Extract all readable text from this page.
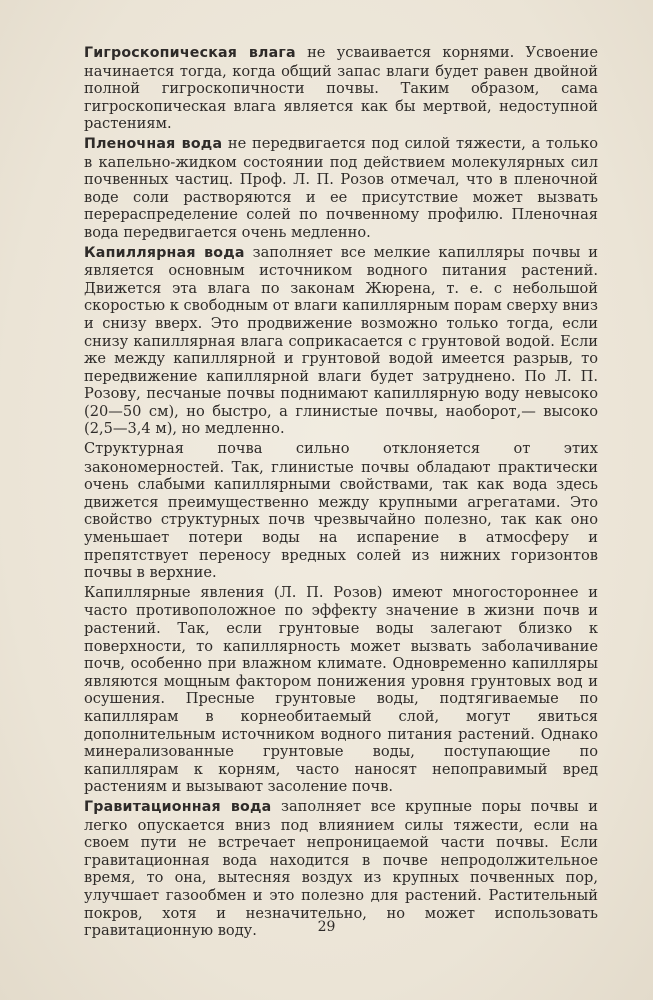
Гигроскопическая влага не усваивается корнями. Усвоение начинается тогда, когда общий запас влаги будет равен двойной полной гигроскопичности почвы. Таким образом, сама гигроскопическая влага является как бы мертвой, недоступной растениям.

Пленочная вода не передвигается под силой тяжести, а только в капельно-жидком состоянии под действием молекулярных сил почвенных частиц. Проф. Л. П. Розов отмечал, что в пленочной воде соли растворяются и ее присутствие может вызвать перераспределение солей по почвенному профилю. Пленочная вода передвигается очень медленно.

Капиллярная вода заполняет все мелкие капилляры почвы и является основным источником водного питания растений. Движется эта влага по законам Жюрена, т. е. с небольшой скоростью к свободным от влаги капиллярным порам сверху вниз и снизу вверх. Это продвижение возможно только тогда, если снизу капиллярная влага соприкасается с грунтовой водой. Если же между капиллярной и грунтовой водой имеется разрыв, то передвижение капиллярной влаги будет затруднено. По Л. П. Розову, песчаные почвы поднимают капиллярную воду невысоко (20—50 см), но быстро, а глинистые почвы, наоборот,— высоко (2,5—3,4 м), но медленно.

Структурная почва сильно отклоняется от этих закономерностей. Так, глинистые почвы обладают практически очень слабыми капиллярными свойствами, так как вода здесь движется преимущественно между крупными агрегатами. Это свойство структурных почв чрезвычайно полезно, так как оно уменьшает потери воды на испарение в атмосферу и препятствует переносу вредных солей из нижних горизонтов почвы в верхние.

Капиллярные явления (Л. П. Розов) имеют многостороннее и часто противоположное по эффекту значение в жизни почв и растений. Так, если грунтовые воды залегают близко к поверхности, то капиллярность может вызвать заболачивание почв, особенно при влажном климате. Одновременно капилляры являются мощным фактором понижения уровня грунтовых вод и осушения. Пресные грунтовые воды, подтягиваемые по капиллярам в корнеобитаемый слой, могут явиться дополнительным источником водного питания растений. Однако минерализованные грунтовые воды, поступающие по капиллярам к корням, часто наносят непоправимый вред растениям и вызывают засоление почв.

Гравитационная вода заполняет все крупные поры почвы и легко опускается вниз под влиянием силы тяжести, если на своем пути не встречает непроницаемой части почвы. Если гравитационная вода находится в почве непродолжительное время, то она, вытесняя воздух из крупных почвенных пор, улучшает газообмен и это полезно для растений. Растительный покров, хотя и незначительно, но может использовать гравитационную воду.	29
